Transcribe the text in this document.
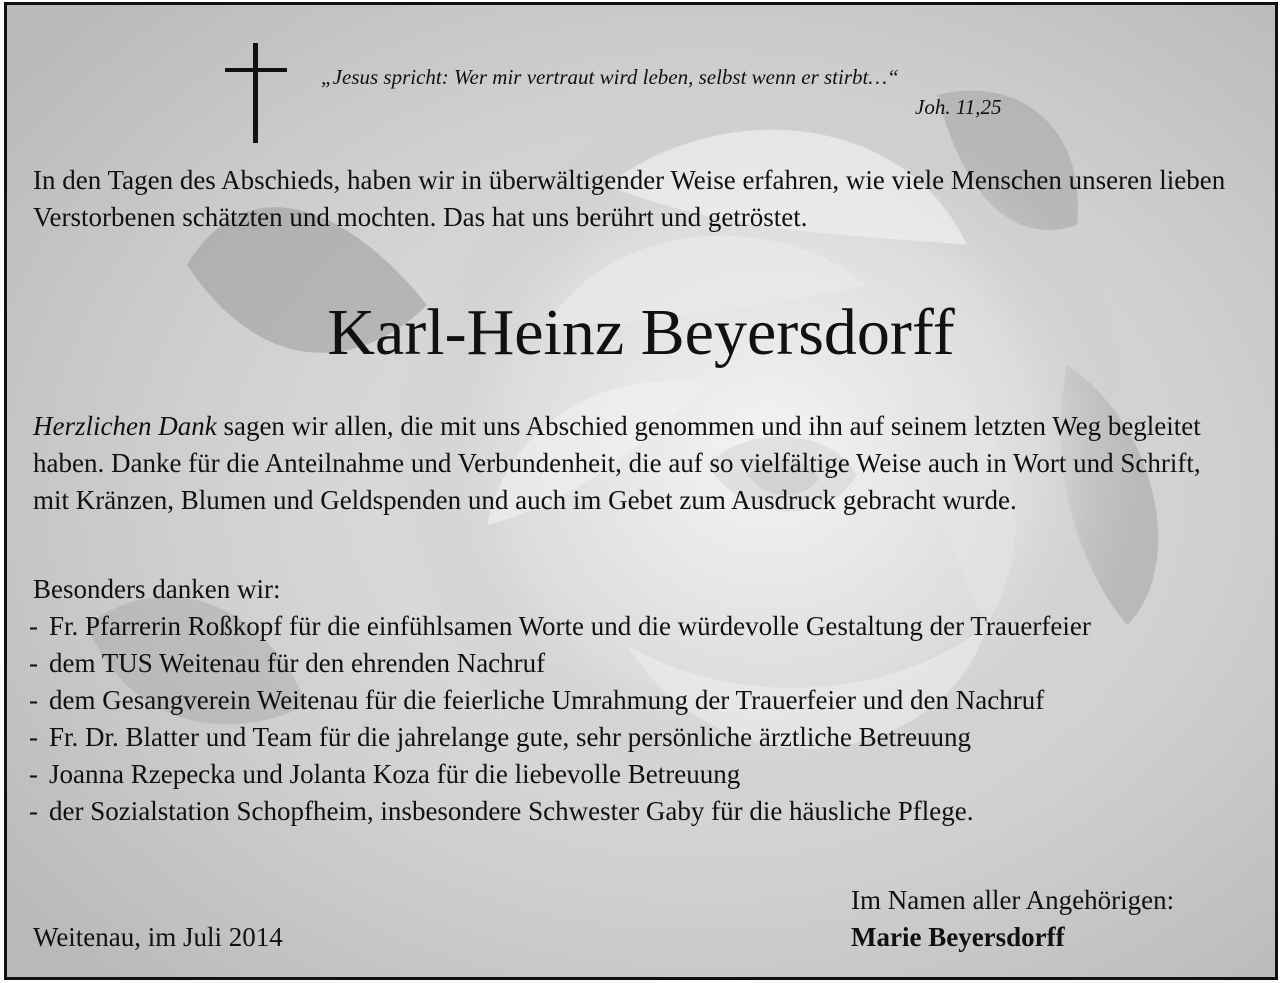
„Jesus spricht: Wer mir vertraut wird leben, selbst wenn er stirbt…“
Joh. 11,25

In den Tagen des Abschieds, haben wir in überwältigender Weise erfahren, wie viele Menschen unseren lieben Verstorbenen schätzten und mochten. Das hat uns berührt und getröstet.

Karl-Heinz Beyersdorff

Herzlichen Dank sagen wir allen, die mit uns Abschied genommen und ihn auf seinem letzten Weg begleitet haben. Danke für die Anteilnahme und Verbundenheit, die auf so vielfältige Weise auch in Wort und Schrift, mit Kränzen, Blumen und Geldspenden und auch im Gebet zum Ausdruck gebracht wurde.

Besonders danken wir:

- Fr. Pfarrerin Roßkopf für die einfühlsamen Worte und die würdevolle Gestaltung der Trauerfeier
- dem TUS Weitenau für den ehrenden Nachruf
- dem Gesangverein Weitenau für die feierliche Umrahmung der Trauerfeier und den Nachruf
- Fr. Dr. Blatter und Team für die jahrelange gute, sehr persönliche ärztliche Betreuung
- Joanna Rzepecka und Jolanta Koza für die liebevolle Betreuung
- der Sozialstation Schopfheim, insbesondere Schwester Gaby für die häusliche Pflege.
Weitenau, im Juli 2014
Im Namen aller Angehörigen:
Marie Beyersdorff
